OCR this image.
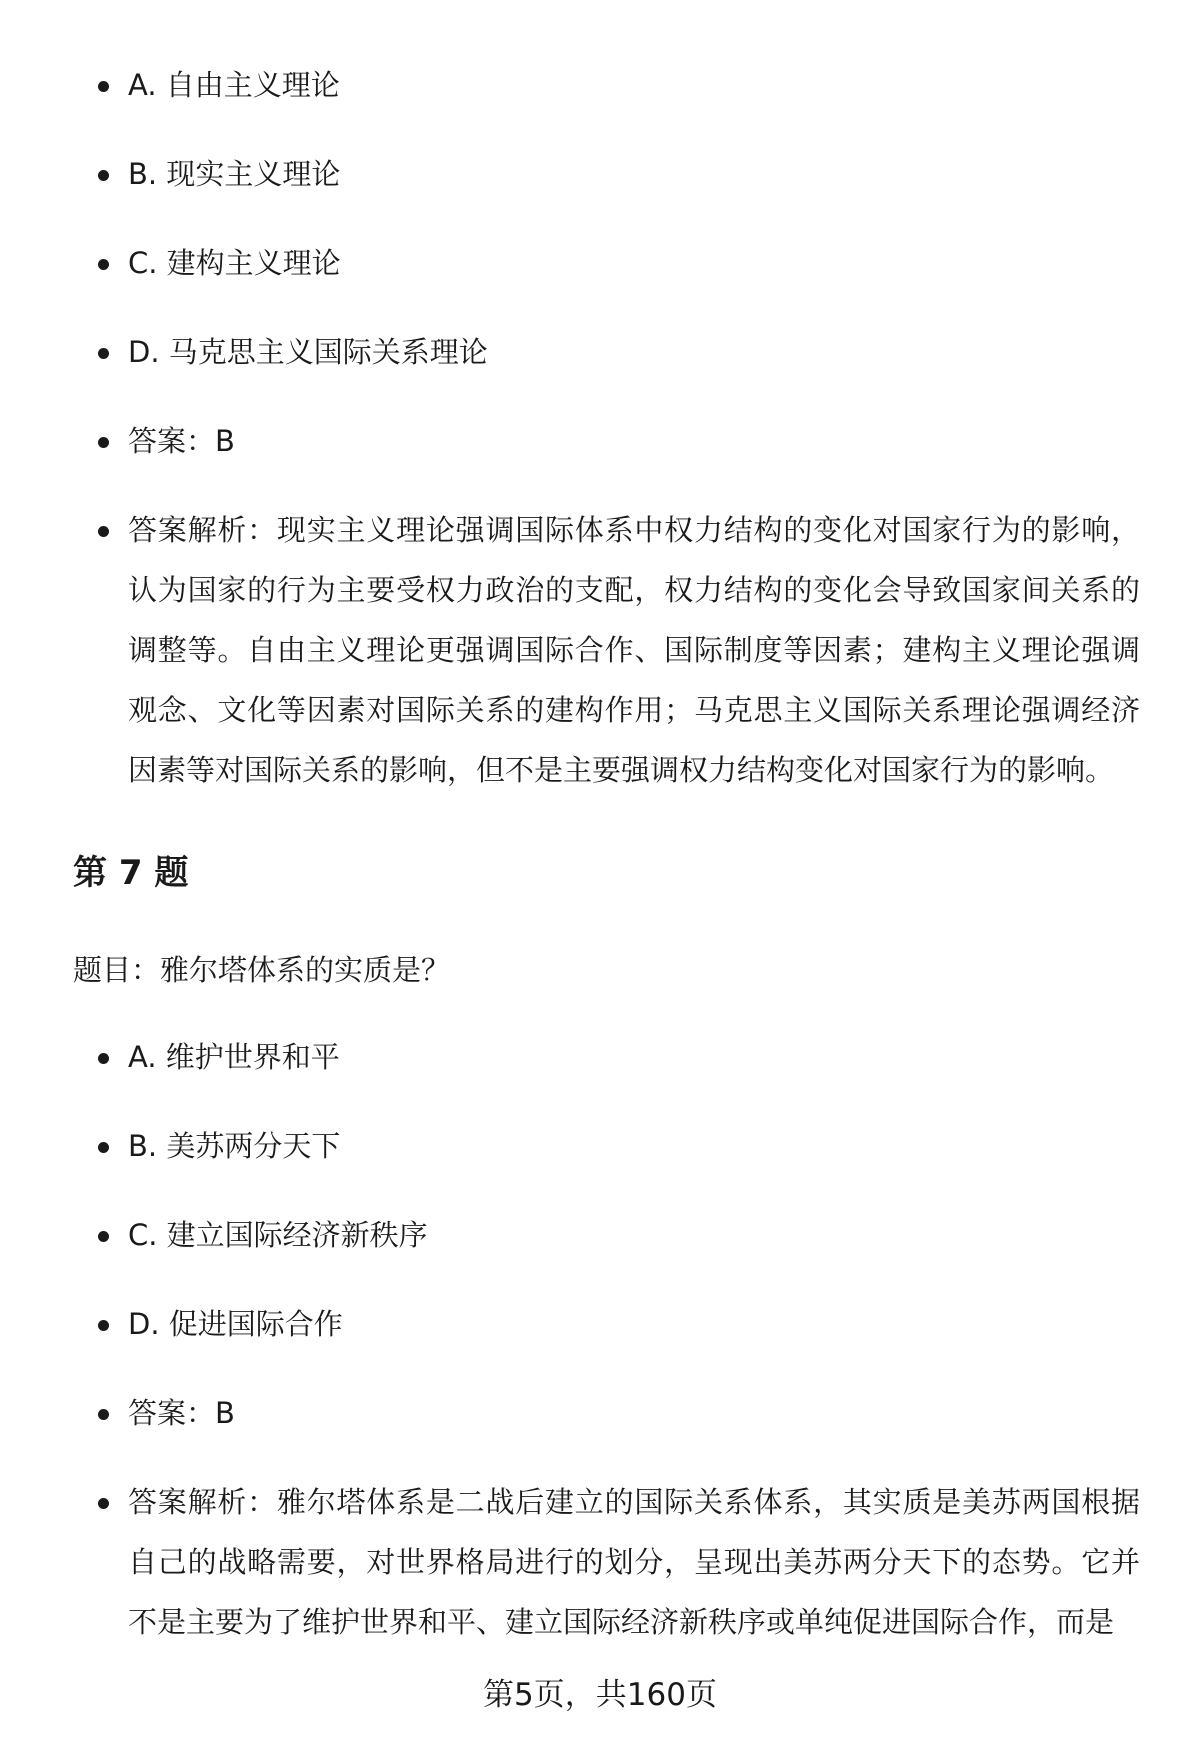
A. 自由主义理论
B. 现实主义理论
C. 建构主义理论
D. 马克思主义国际关系理论
答案：B
答案解析：现实主义理论强调国际体系中权力结构的变化对国家行为的影响，认为国家的行为主要受权力政治的支配，权力结构的变化会导致国家间关系的调整等。自由主义理论更强调国际合作、国际制度等因素；建构主义理论强调观念、文化等因素对国际关系的建构作用；马克思主义国际关系理论强调经济因素等对国际关系的影响，但不是主要强调权力结构变化对国家行为的影响。
第 7 题

题目：雅尔塔体系的实质是？

A. 维护世界和平
B. 美苏两分天下
C. 建立国际经济新秩序
D. 促进国际合作
答案：B
答案解析：雅尔塔体系是二战后建立的国际关系体系，其实质是美苏两国根据自己的战略需要，对世界格局进行的划分，呈现出美苏两分天下的态势。它并不是主要为了维护世界和平、建立国际经济新秩序或单纯促进国际合作，而是
第5页，共160页
